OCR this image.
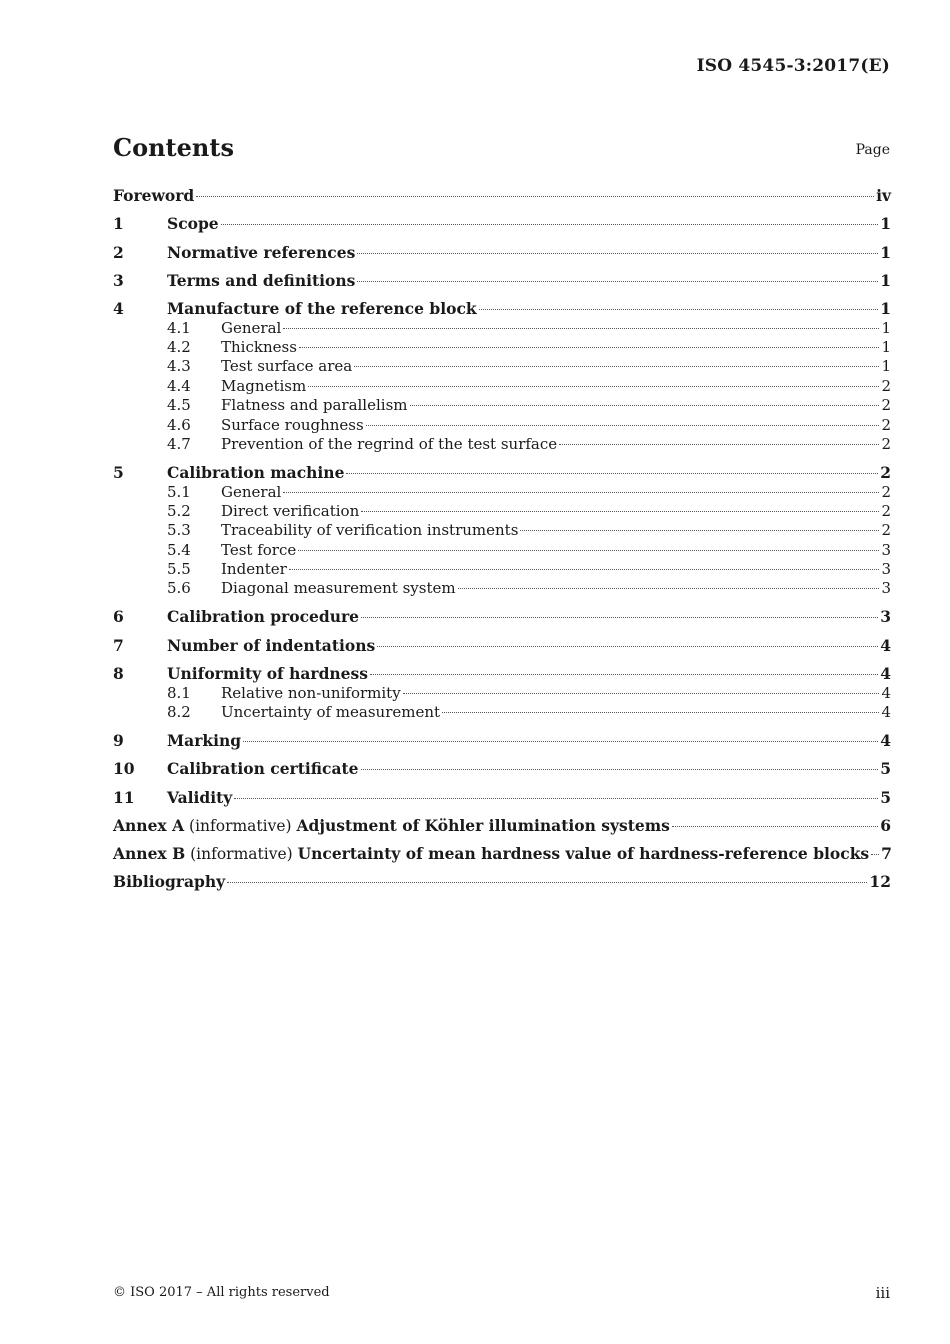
ISO 4545-3:2017(E)
Contents	Page
Foreword	iv
1	Scope	1
2	Normative references	1
3	Terms and definitions	1
4	Manufacture of the reference block	1
4.1	General	1
4.2	Thickness	1
4.3	Test surface area	1
4.4	Magnetism	2
4.5	Flatness and parallelism	2
4.6	Surface roughness	2
4.7	Prevention of the regrind of the test surface	2
5	Calibration machine	2
5.1	General	2
5.2	Direct verification	2
5.3	Traceability of verification instruments	2
5.4	Test force	3
5.5	Indenter	3
5.6	Diagonal measurement system	3
6	Calibration procedure	3
7	Number of indentations	4
8	Uniformity of hardness	4
8.1	Relative non-uniformity	4
8.2	Uncertainty of measurement	4
9	Marking	4
10	Calibration certificate	5
11	Validity	5
Annex A (informative) Adjustment of Köhler illumination systems	6
Annex B (informative) Uncertainty of mean hardness value of hardness-reference blocks 7
Bibliography	12
© ISO 2017 – All rights reserved	iii
